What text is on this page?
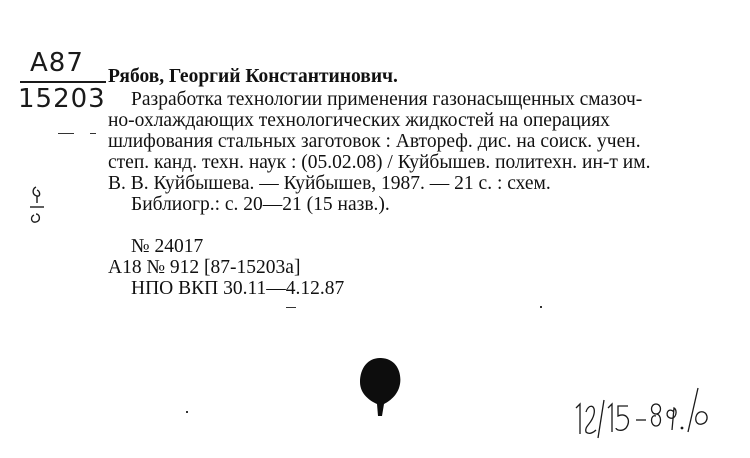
А87
15203
Рябов, Георгий Константинович.
Разработка технологии применения газонасыщенных смазоч-
но-охлаждающих технологических жидкостей на операциях
шлифования стальных заготовок : Автореф. дис. на соиск. учен.
степ. канд. техн. наук : (05.02.08) / Куйбышев. политехн. ин-т им.
В. В. Куйбышева. — Куйбышев, 1987. — 21 с. : схем.
Библиогр.: с. 20—21 (15 назв.).
№ 24017
А18 № 912 [87-15203а]
НПО ВКП 30.11—4.12.87
